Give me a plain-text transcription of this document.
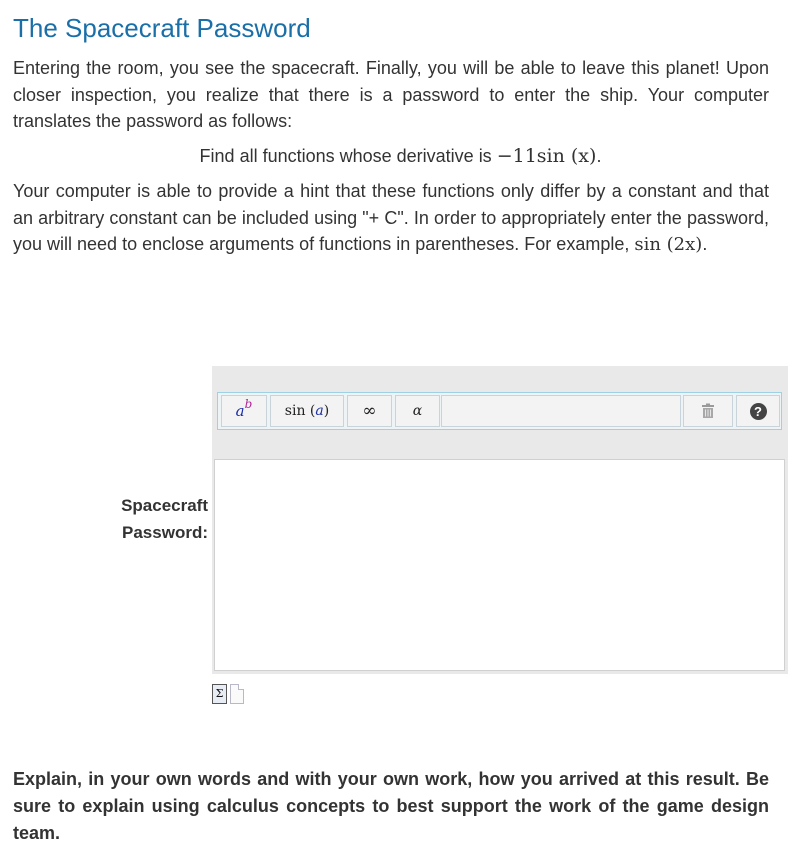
The Spacecraft Password

Entering the room, you see the spacecraft. Finally, you will be able to leave this planet! Upon closer inspection, you realize that there is a password to enter the ship. Your computer translates the password as follows:

Find all functions whose derivative is −11sin (x).

Your computer is able to provide a hint that these functions only differ by a constant and that an arbitrary constant can be included using "+ C". In order to appropriately enter the password, you will need to enclose arguments of functions in parentheses. For example, sin (2x).

Spacecraft
Password:
a b sin ( a )	∞	α	?
Σ

Explain, in your own words and with your own work, how you arrived at this result. Be sure to explain using calculus concepts to best support the work of the game design team.
